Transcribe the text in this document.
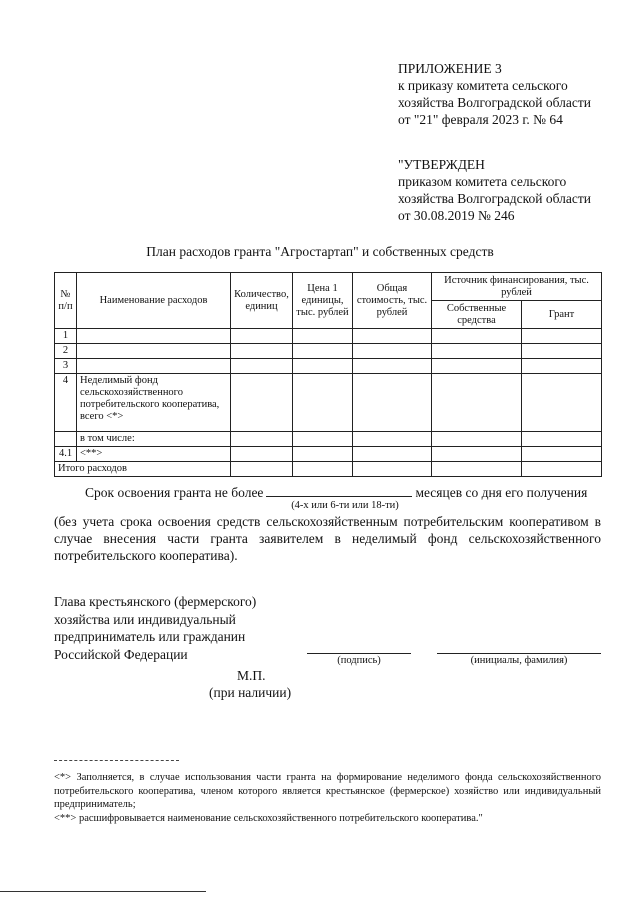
ПРИЛОЖЕНИЕ 3
к приказу комитета сельского
хозяйства Волгоградской области
от "21" февраля 2023 г. № 64
"УТВЕРЖДЕН
приказом комитета сельского
хозяйства Волгоградской области
от 30.08.2019 № 246
План расходов гранта "Агростартап" и собственных средств
№ п/п	Наименование расходов	Количество, единиц	Цена 1 единицы, тыс. рублей	Общая стоимость, тыс. рублей	Источник финансирования, тыс. рублей	
					Собственные средства	Грант
1						
2						
3						
4	Неделимый фонд сельскохозяйственного потребительского кооператива, всего <*>					
	в том числе:					
4.1	<**>					
Итого расходов						
Срок освоения гранта не более	месяцев со дня его получения
(4-х или 6-ти или 18-ти)
(без учета срока освоения средств сельскохозяйственным потребительским кооперативом в случае внесения части гранта заявителем в неделимый фонд сельскохозяйственного потребительского кооператива).
Глава крестьянского (фермерского)
хозяйства или индивидуальный
предприниматель или гражданин
Российской Федерации	(подпись)	(инициалы, фамилия)
М.П.
(при наличии)
<*> Заполняется, в случае использования части гранта на формирование неделимого фонда сельскохозяйственного потребительского кооператива, членом которого является крестьянское (фермерское) хозяйство или индивидуальный предприниматель;
<**> расшифровывается наименование сельскохозяйственного потребительского кооператива."
